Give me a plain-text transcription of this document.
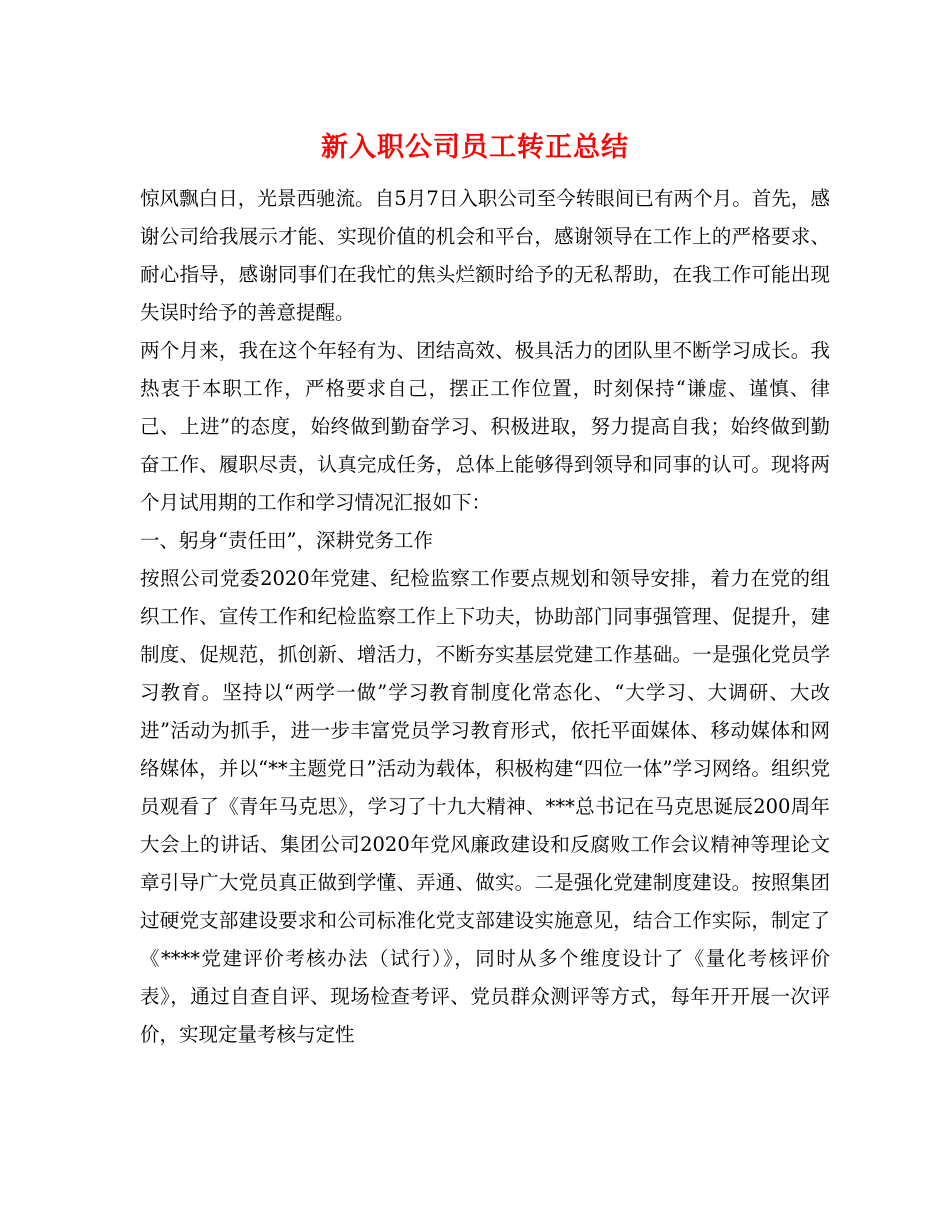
新入职公司员工转正总结

惊风飘白日，光景西驰流。自5月7日入职公司至今转眼间已有两个月。首先，感谢公司给我展示才能、实现价值的机会和平台，感谢领导在工作上的严格要求、耐心指导，感谢同事们在我忙的焦头烂额时给予的无私帮助，在我工作可能出现失误时给予的善意提醒。

两个月来，我在这个年轻有为、团结高效、极具活力的团队里不断学习成长。我热衷于本职工作，严格要求自己，摆正工作位置，时刻保持“谦虚、谨慎、律己、上进”的态度，始终做到勤奋学习、积极进取，努力提高自我；始终做到勤奋工作、履职尽责，认真完成任务，总体上能够得到领导和同事的认可。现将两个月试用期的工作和学习情况汇报如下：

一、躬身“责任田”，深耕党务工作

按照公司党委2020年党建、纪检监察工作要点规划和领导安排，着力在党的组织工作、宣传工作和纪检监察工作上下功夫，协助部门同事强管理、促提升，建制度、促规范，抓创新、增活力，不断夯实基层党建工作基础。一是强化党员学习教育。坚持以“两学一做”学习教育制度化常态化、“大学习、大调研、大改进”活动为抓手，进一步丰富党员学习教育形式，依托平面媒体、移动媒体和网络媒体，并以“**主题党日”活动为载体，积极构建“四位一体”学习网络。组织党员观看了《青年马克思》，学习了十九大精神、***总书记在马克思诞辰200周年大会上的讲话、集团公司2020年党风廉政建设和反腐败工作会议精神等理论文章引导广大党员真正做到学懂、弄通、做实。二是强化党建制度建设。按照集团过硬党支部建设要求和公司标准化党支部建设实施意见，结合工作实际，制定了《****党建评价考核办法（试行）》，同时从多个维度设计了《量化考核评价表》，通过自查自评、现场检查考评、党员群众测评等方式，每年开开展一次评价，实现定量考核与定性
